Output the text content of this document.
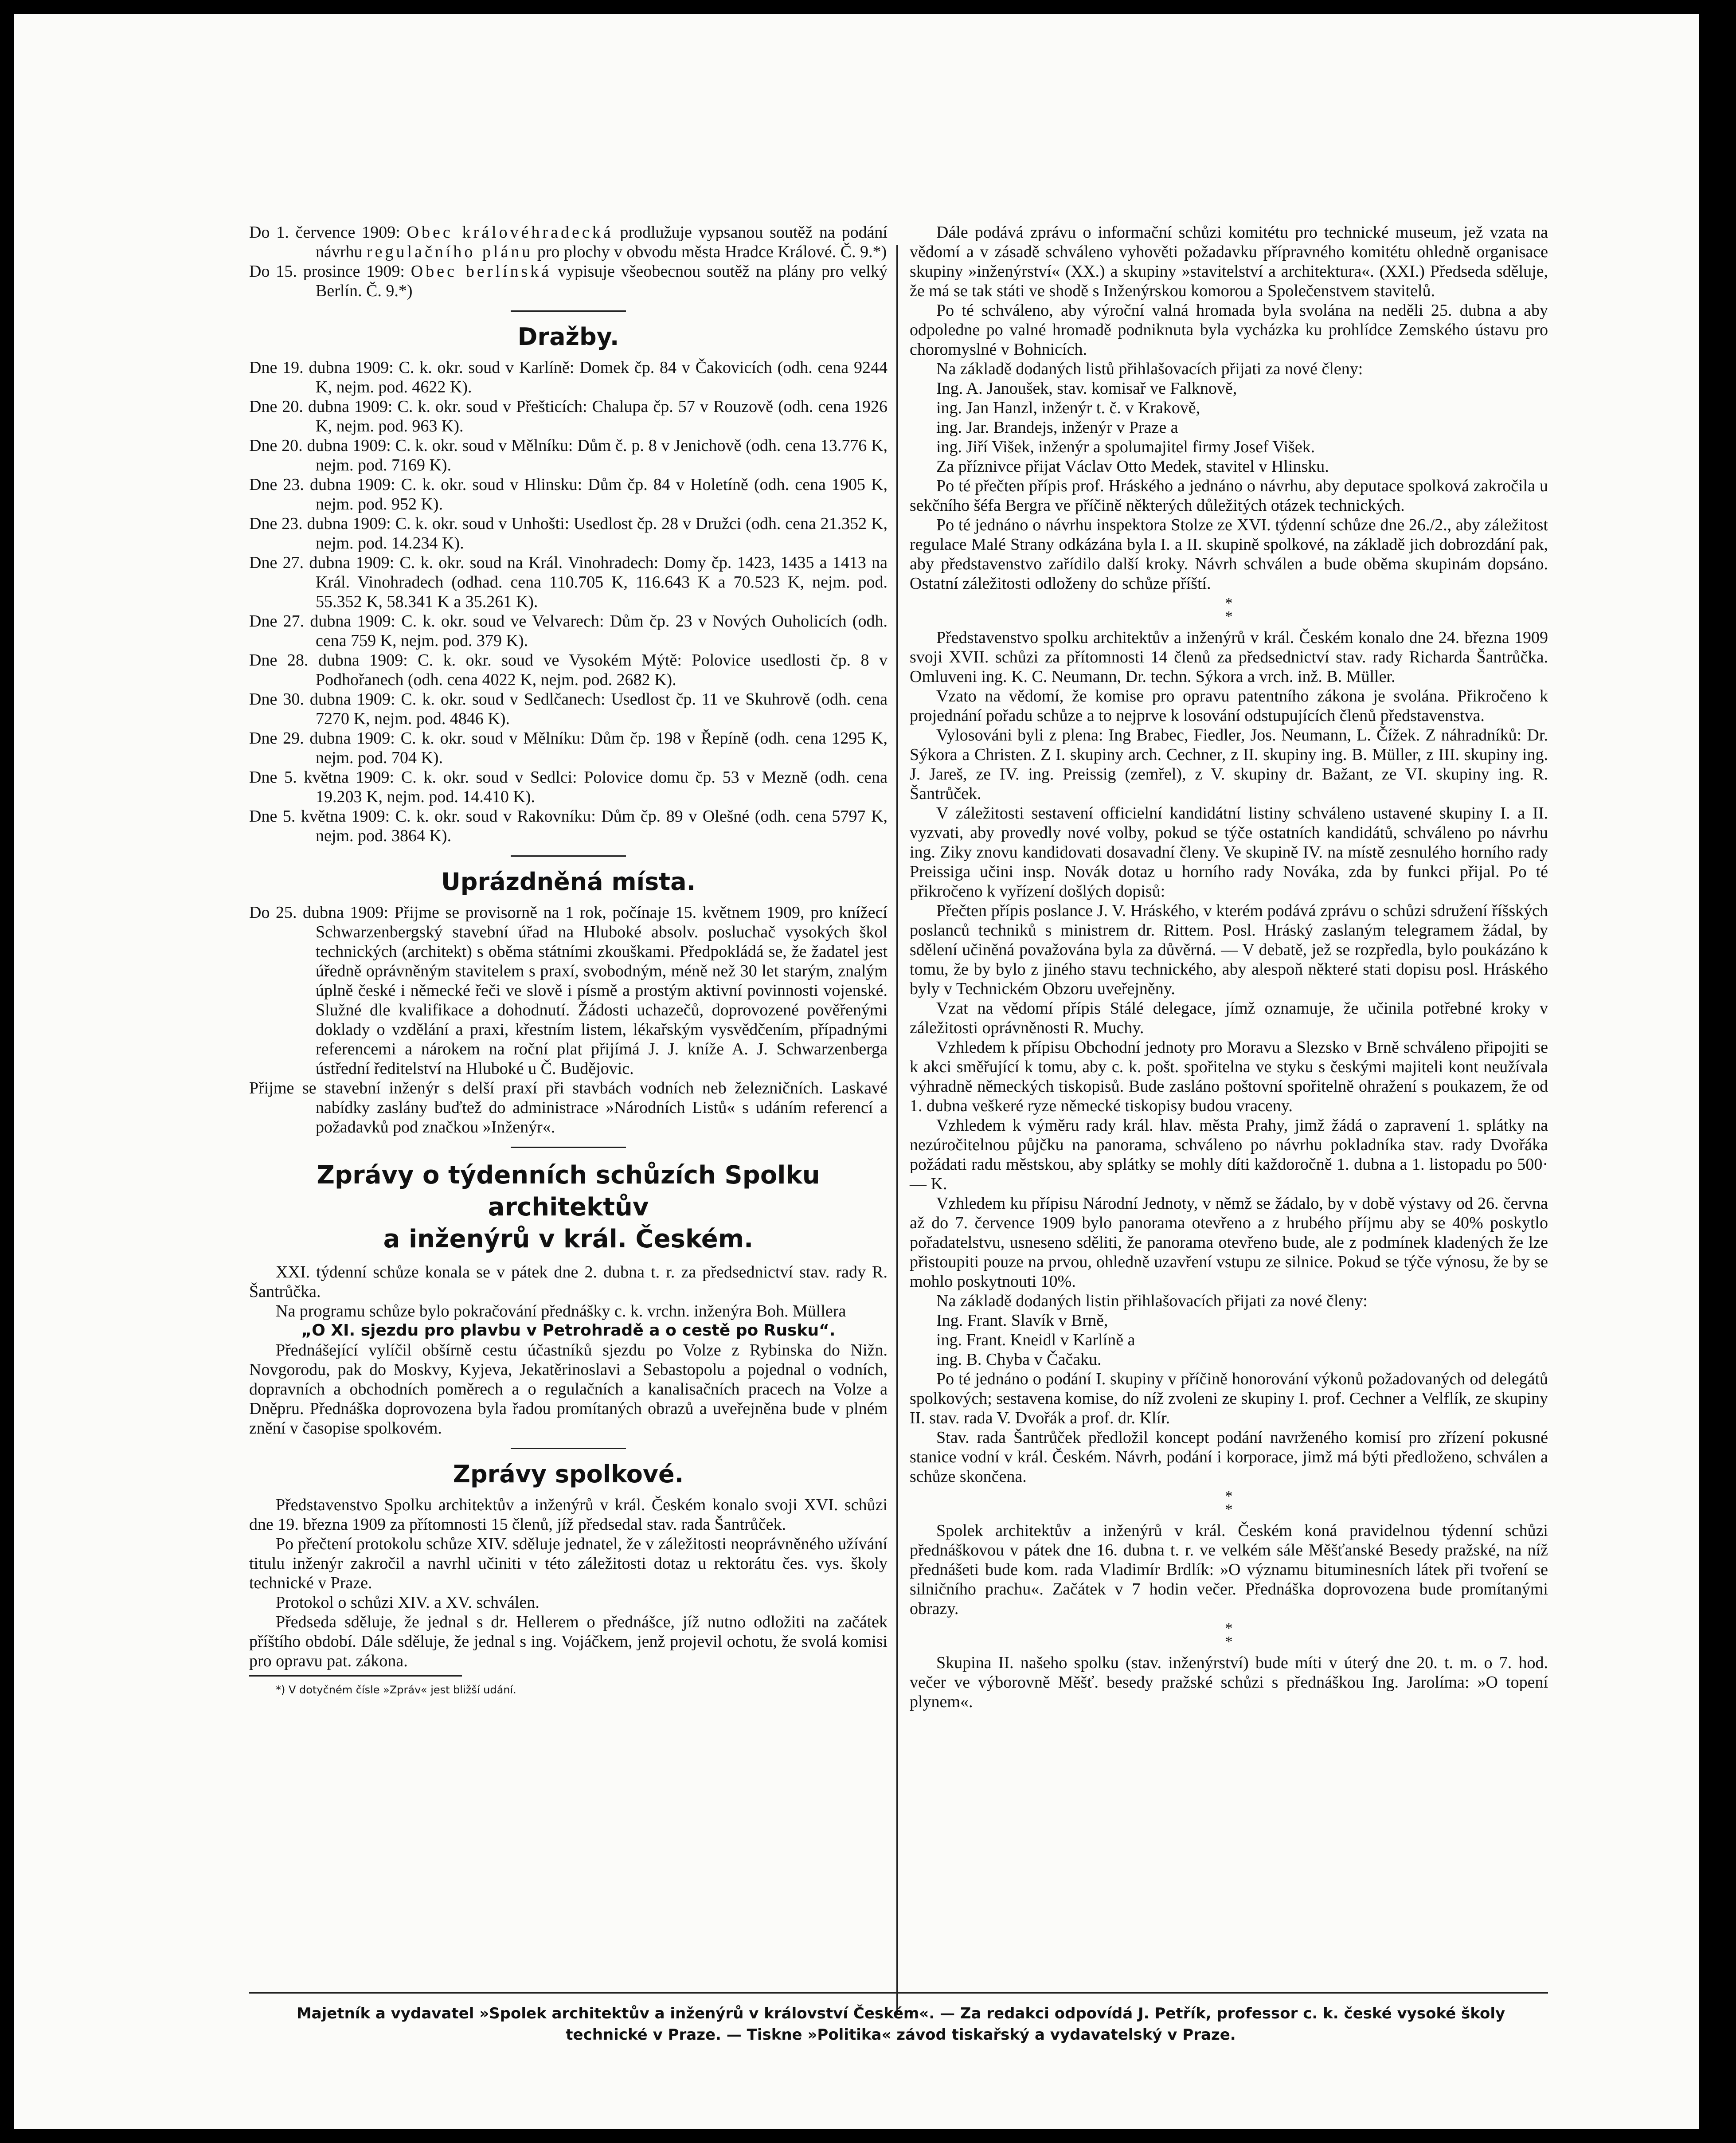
Do 1. července 1909: Obec královéhradecká prodlužuje vypsanou soutěž na podání návrhu regulačního plánu pro plochy v obvodu města Hradce Králové. Č. 9.*)

Do 15. prosince 1909: Obec berlínská vypisuje všeobecnou soutěž na plány pro velký Berlín. Č. 9.*)

Dražby.

Dne 19. dubna 1909: C. k. okr. soud v Karlíně: Domek čp. 84 v Čakovicích (odh. cena 9244 K, nejm. pod. 4622 K).

Dne 20. dubna 1909: C. k. okr. soud v Přešticích: Chalupa čp. 57 v Rouzově (odh. cena 1926 K, nejm. pod. 963 K).

Dne 20. dubna 1909: C. k. okr. soud v Mělníku: Dům č. p. 8 v Jenichově (odh. cena 13.776 K, nejm. pod. 7169 K).

Dne 23. dubna 1909: C. k. okr. soud v Hlinsku: Dům čp. 84 v Holetíně (odh. cena 1905 K, nejm. pod. 952 K).

Dne 23. dubna 1909: C. k. okr. soud v Unhošti: Usedlost čp. 28 v Družci (odh. cena 21.352 K, nejm. pod. 14.234 K).

Dne 27. dubna 1909: C. k. okr. soud na Král. Vinohradech: Domy čp. 1423, 1435 a 1413 na Král. Vinohradech (odhad. cena 110.705 K, 116.643 K a 70.523 K, nejm. pod. 55.352 K, 58.341 K a 35.261 K).

Dne 27. dubna 1909: C. k. okr. soud ve Velvarech: Dům čp. 23 v Nových Ouholicích (odh. cena 759 K, nejm. pod. 379 K).

Dne 28. dubna 1909: C. k. okr. soud ve Vysokém Mýtě: Polovice usedlosti čp. 8 v Podhořanech (odh. cena 4022 K, nejm. pod. 2682 K).

Dne 30. dubna 1909: C. k. okr. soud v Sedlčanech: Usedlost čp. 11 ve Skuhrově (odh. cena 7270 K, nejm. pod. 4846 K).

Dne 29. dubna 1909: C. k. okr. soud v Mělníku: Dům čp. 198 v Řepíně (odh. cena 1295 K, nejm. pod. 704 K).

Dne 5. května 1909: C. k. okr. soud v Sedlci: Polovice domu čp. 53 v Mezně (odh. cena 19.203 K, nejm. pod. 14.410 K).

Dne 5. května 1909: C. k. okr. soud v Rakovníku: Dům čp. 89 v Olešné (odh. cena 5797 K, nejm. pod. 3864 K).

Uprázdněná místa.

Do 25. dubna 1909: Přijme se provisorně na 1 rok, počínaje 15. květnem 1909, pro knížecí Schwarzenbergský stavební úřad na Hluboké absolv. posluchač vysokých škol technických (architekt) s oběma státními zkouškami. Předpokládá se, že žadatel jest úředně oprávněným stavitelem s praxí, svobodným, méně než 30 let starým, znalým úplně české i německé řeči ve slově i písmě a prostým aktivní povinnosti vojenské. Služné dle kvalifikace a dohodnutí. Žádosti uchazečů, doprovozené pověřenými doklady o vzdělání a praxi, křestním listem, lékařským vysvědčením, případnými referencemi a nárokem na roční plat přijímá J. J. kníže A. J. Schwarzenberga ústřední ředitelství na Hluboké u Č. Budějovic.

Přijme se stavební inženýr s delší praxí při stavbách vodních neb železničních. Laskavé nabídky zaslány buďtež do administrace »Národních Listů« s udáním referencí a požadavků pod značkou »Inženýr«.

Zprávy o týdenních schůzích Spolku architektův
a inženýrů v král. Českém.

XXI. týdenní schůze konala se v pátek dne 2. dubna t. r. za předsednictví stav. rady R. Šantrůčka.

Na programu schůze bylo pokračování přednášky c. k. vrchn. inženýra Boh. Müllera

„O XI. sjezdu pro plavbu v Petrohradě a o cestě po Rusku“.

Přednášející vylíčil obšírně cestu účastníků sjezdu po Volze z Rybinska do Nižn. Novgorodu, pak do Moskvy, Kyjeva, Jekatěrinoslavi a Sebastopolu a pojednal o vodních, dopravních a obchodních poměrech a o regulačních a kanalisačních pracech na Volze a Dněpru. Přednáška doprovozena byla řadou promítaných obrazů a uveřejněna bude v plném znění v časopise spolkovém.

Zprávy spolkové.

Představenstvo Spolku architektův a inženýrů v král. Českém konalo svoji XVI. schůzi dne 19. března 1909 za přítomnosti 15 členů, jíž předsedal stav. rada Šantrůček.

Po přečtení protokolu schůze XIV. sděluje jednatel, že v záležitosti neoprávněného užívání titulu inženýr zakročil a navrhl učiniti v této záležitosti dotaz u rektorátu čes. vys. školy technické v Praze.

Protokol o schůzi XIV. a XV. schválen.

Předseda sděluje, že jednal s dr. Hellerem o přednášce, jíž nutno odložiti na začátek příštího období. Dále sděluje, že jednal s ing. Vojáčkem, jenž projevil ochotu, že svolá komisi pro opravu pat. zákona.

*) V dotyčném čísle »Zpráv« jest bližší udání.

Dále podává zprávu o informační schůzi komitétu pro technické museum, jež vzata na vědomí a v zásadě schváleno vyhověti požadavku přípravného komitétu ohledně organisace skupiny »inženýrství« (XX.) a skupiny »stavitelství a architektura«. (XXI.) Předseda sděluje, že má se tak státi ve shodě s Inženýrskou komorou a Společenstvem stavitelů.

Po té schváleno, aby výroční valná hromada byla svolána na neděli 25. dubna a aby odpoledne po valné hromadě podniknuta byla vycházka ku prohlídce Zemského ústavu pro choromyslné v Bohnicích.

Na základě dodaných listů přihlašovacích přijati za nové členy:

Ing. A. Janoušek, stav. komisař ve Falknově,

ing. Jan Hanzl, inženýr t. č. v Krakově,

ing. Jar. Brandejs, inženýr v Praze a

ing. Jiří Višek, inženýr a spolumajitel firmy Josef Višek.

Za příznivce přijat Václav Otto Medek, stavitel v Hlinsku.

Po té přečten přípis prof. Hráského a jednáno o návrhu, aby deputace spolková zakročila u sekčního šéfa Bergra ve příčině některých důležitých otázek technických.

Po té jednáno o návrhu inspektora Stolze ze XVI. týdenní schůze dne 26./2., aby záležitost regulace Malé Strany odkázána byla I. a II. skupině spolkové, na základě jich dobrozdání pak, aby představenstvo zařídilo další kroky. Návrh schválen a bude oběma skupinám dopsáno. Ostatní záležitosti odloženy do schůze příští.

*
*

Představenstvo spolku architektův a inženýrů v král. Českém konalo dne 24. března 1909 svoji XVII. schůzi za přítomnosti 14 členů za předsednictví stav. rady Richarda Šantrůčka. Omluveni ing. K. C. Neumann, Dr. techn. Sýkora a vrch. inž. B. Müller.

Vzato na vědomí, že komise pro opravu patentního zákona je svolána. Přikročeno k projednání pořadu schůze a to nejprve k losování odstupujících členů představenstva.

Vylosováni byli z plena: Ing Brabec, Fiedler, Jos. Neumann, L. Čížek. Z náhradníků: Dr. Sýkora a Christen. Z I. skupiny arch. Cechner, z II. skupiny ing. B. Müller, z III. skupiny ing. J. Jareš, ze IV. ing. Preissig (zemřel), z V. skupiny dr. Bažant, ze VI. skupiny ing. R. Šantrůček.

V záležitosti sestavení officielní kandidátní listiny schváleno ustavené skupiny I. a II. vyzvati, aby provedly nové volby, pokud se týče ostatních kandidátů, schváleno po návrhu ing. Ziky znovu kandidovati dosavadní členy. Ve skupině IV. na místě zesnulého horního rady Preissiga učini insp. Novák dotaz u horního rady Nováka, zda by funkci přijal. Po té přikročeno k vyřízení došlých dopisů:

Přečten přípis poslance J. V. Hráského, v kterém podává zprávu o schůzi sdružení říšských poslanců techniků s ministrem dr. Rittem. Posl. Hráský zaslaným telegramem žádal, by sdělení učiněná považována byla za důvěrná. — V debatě, jež se rozpředla, bylo poukázáno k tomu, že by bylo z jiného stavu technického, aby alespoň některé stati dopisu posl. Hráského byly v Technickém Obzoru uveřejněny.

Vzat na vědomí přípis Stálé delegace, jímž oznamuje, že učinila potřebné kroky v záležitosti oprávněnosti R. Muchy.

Vzhledem k přípisu Obchodní jednoty pro Moravu a Slezsko v Brně schváleno připojiti se k akci směřující k tomu, aby c. k. pošt. spořitelna ve styku s českými majiteli kont neužívala výhradně německých tiskopisů. Bude zasláno poštovní spořitelně ohražení s poukazem, že od 1. dubna veškeré ryze německé tiskopisy budou vraceny.

Vzhledem k výměru rady král. hlav. města Prahy, jimž žádá o zapravení 1. splátky na nezúročitelnou půjčku na panorama, schváleno po návrhu pokladníka stav. rady Dvořáka požádati radu městskou, aby splátky se mohly díti každoročně 1. dubna a 1. listopadu po 500·— K.

Vzhledem ku přípisu Národní Jednoty, v němž se žádalo, by v době výstavy od 26. června až do 7. července 1909 bylo panorama otevřeno a z hrubého příjmu aby se 40% poskytlo pořadatelstvu, usneseno sděliti, že panorama otevřeno bude, ale z podmínek kladených že lze přistoupiti pouze na prvou, ohledně uzavření vstupu ze silnice. Pokud se týče výnosu, že by se mohlo poskytnouti 10%.

Na základě dodaných listin přihlašovacích přijati za nové členy:

Ing. Frant. Slavík v Brně,

ing. Frant. Kneidl v Karlíně a

ing. B. Chyba v Čačaku.

Po té jednáno o podání I. skupiny v příčině honorování výkonů požadovaných od delegátů spolkových; sestavena komise, do níž zvoleni ze skupiny I. prof. Cechner a Velflík, ze skupiny II. stav. rada V. Dvořák a prof. dr. Klír.

Stav. rada Šantrůček předložil koncept podání navrženého komisí pro zřízení pokusné stanice vodní v král. Českém. Návrh, podání i korporace, jimž má býti předloženo, schválen a schůze skončena.

*
*

Spolek architektův a inženýrů v král. Českém koná pravidelnou týdenní schůzi přednáškovou v pátek dne 16. dubna t. r. ve velkém sále Měšťanské Besedy pražské, na níž přednášeti bude kom. rada Vladimír Brdlík: »O významu bituminesních látek při tvoření se silničního prachu«. Začátek v 7 hodin večer. Přednáška doprovozena bude promítanými obrazy.

*
*

Skupina II. našeho spolku (stav. inženýrství) bude míti v úterý dne 20. t. m. o 7. hod. večer ve výborovně Měšť. besedy pražské schůzi s přednáškou Ing. Jarolíma: »O topení plynem«.

Majetník a vydavatel »Spolek architektův a inženýrů v království Českém«. — Za redakci odpovídá J. Petřík, professor c. k. české vysoké školy technické v Praze. — Tiskne »Politika« závod tiskařský a vydavatelský v Praze.
